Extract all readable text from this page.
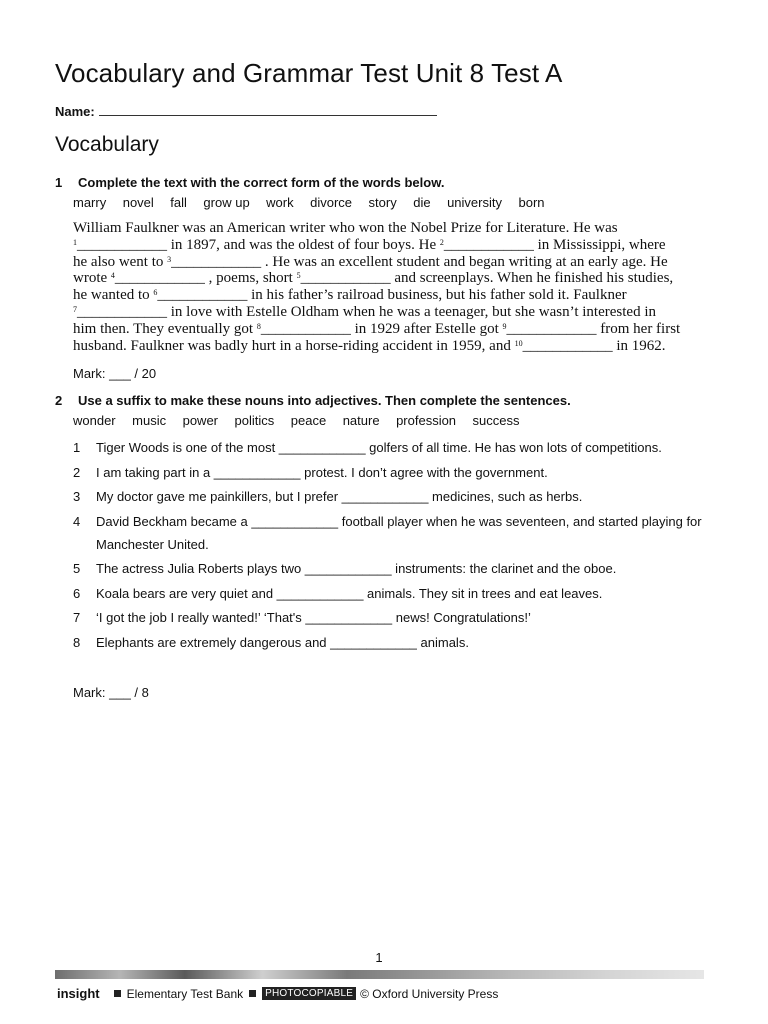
Vocabulary and Grammar Test Unit 8 Test A
Name:
Vocabulary
1 Complete the text with the correct form of the words below.
marry novel fall grow up work divorce story die university born
William Faulkner was an American writer who won the Nobel Prize for Literature. He was
$^1$____________ in 1897, and was the oldest of four boys. He $^2$____________ in Mississippi, where
he also went to $^3$____________ . He was an excellent student and began writing at an early age. He
wrote $^4$____________ , poems, short $^5$____________ and screenplays. When he finished his studies,
he wanted to $^6$____________ in his father’s railroad business, but his father sold it. Faulkner
$^7$____________ in love with Estelle Oldham when he was a teenager, but she wasn’t interested in
him then. They eventually got $^8$____________ in 1929 after Estelle got $^9$____________ from her first
husband. Faulkner was badly hurt in a horse-riding accident in 1959, and $^{10}$____________ in 1962.
Mark: ___ / 20
2 Use a suffix to make these nouns into adjectives. Then complete the sentences.
wonder music power politics peace nature profession success
1	Tiger Woods is one of the most ____________ golfers of all time. He has won lots of competitions.
2	I am taking part in a ____________ protest. I don’t agree with the government.
3	My doctor gave me painkillers, but I prefer ____________ medicines, such as herbs.
4	David Beckham became a ____________ football player when he was seventeen, and started playing for Manchester United.
5	The actress Julia Roberts plays two ____________ instruments: the clarinet and the oboe.
6	Koala bears are very quiet and ____________ animals. They sit in trees and eat leaves.
7	‘I got the job I really wanted!’ ‘That's ____________ news! Congratulations!’
8	Elephants are extremely dangerous and ____________ animals.
Mark: ___ / 8
1
insight Elementary Test Bank	PHOTOCOPIABLE © Oxford University Press
